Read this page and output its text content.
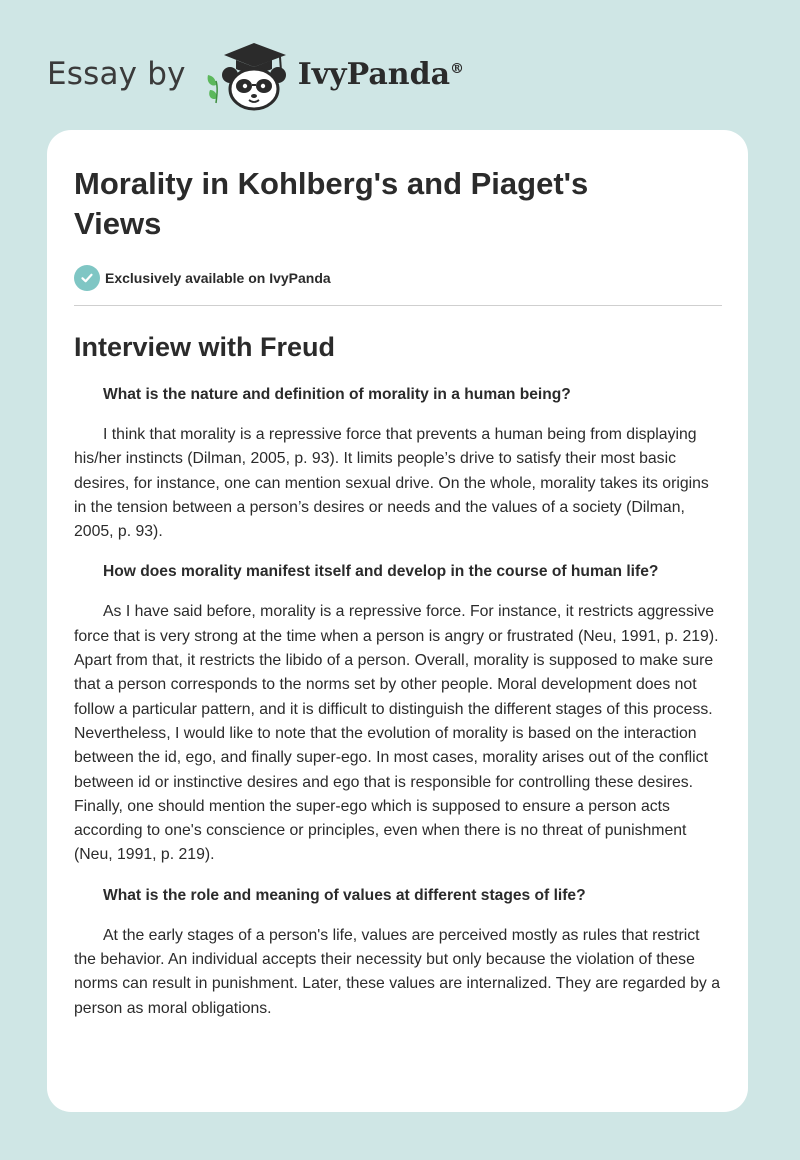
Essay by	IvyPanda®
Morality in Kohlberg's and Piaget's Views
Exclusively available on IvyPanda
Interview with Freud

What is the nature and definition of morality in a human being?

I think that morality is a repressive force that prevents a human being from displaying his/her instincts (Dilman, 2005, p. 93). It limits people’s drive to satisfy their most basic desires, for instance, one can mention sexual drive. On the whole, morality takes its origins in the tension between a person’s desires or needs and the values of a society (Dilman, 2005, p. 93).

How does morality manifest itself and develop in the course of human life?

As I have said before, morality is a repressive force. For instance, it restricts aggressive force that is very strong at the time when a person is angry or frustrated (Neu, 1991, p. 219). Apart from that, it restricts the libido of a person. Overall, morality is supposed to make sure that a person corresponds to the norms set by other people. Moral development does not follow a particular pattern, and it is difficult to distinguish the different stages of this process. Nevertheless, I would like to note that the evolution of morality is based on the interaction between the id, ego, and finally super-ego. In most cases, morality arises out of the conflict between id or instinctive desires and ego that is responsible for controlling these desires. Finally, one should mention the super-ego which is supposed to ensure a person acts according to one's conscience or principles, even when there is no threat of punishment (Neu, 1991, p. 219).

What is the role and meaning of values at different stages of life?

At the early stages of a person's life, values are perceived mostly as rules that restrict the behavior. An individual accepts their necessity but only because the violation of these norms can result in punishment. Later, these values are internalized. They are regarded by a person as moral obligations.
